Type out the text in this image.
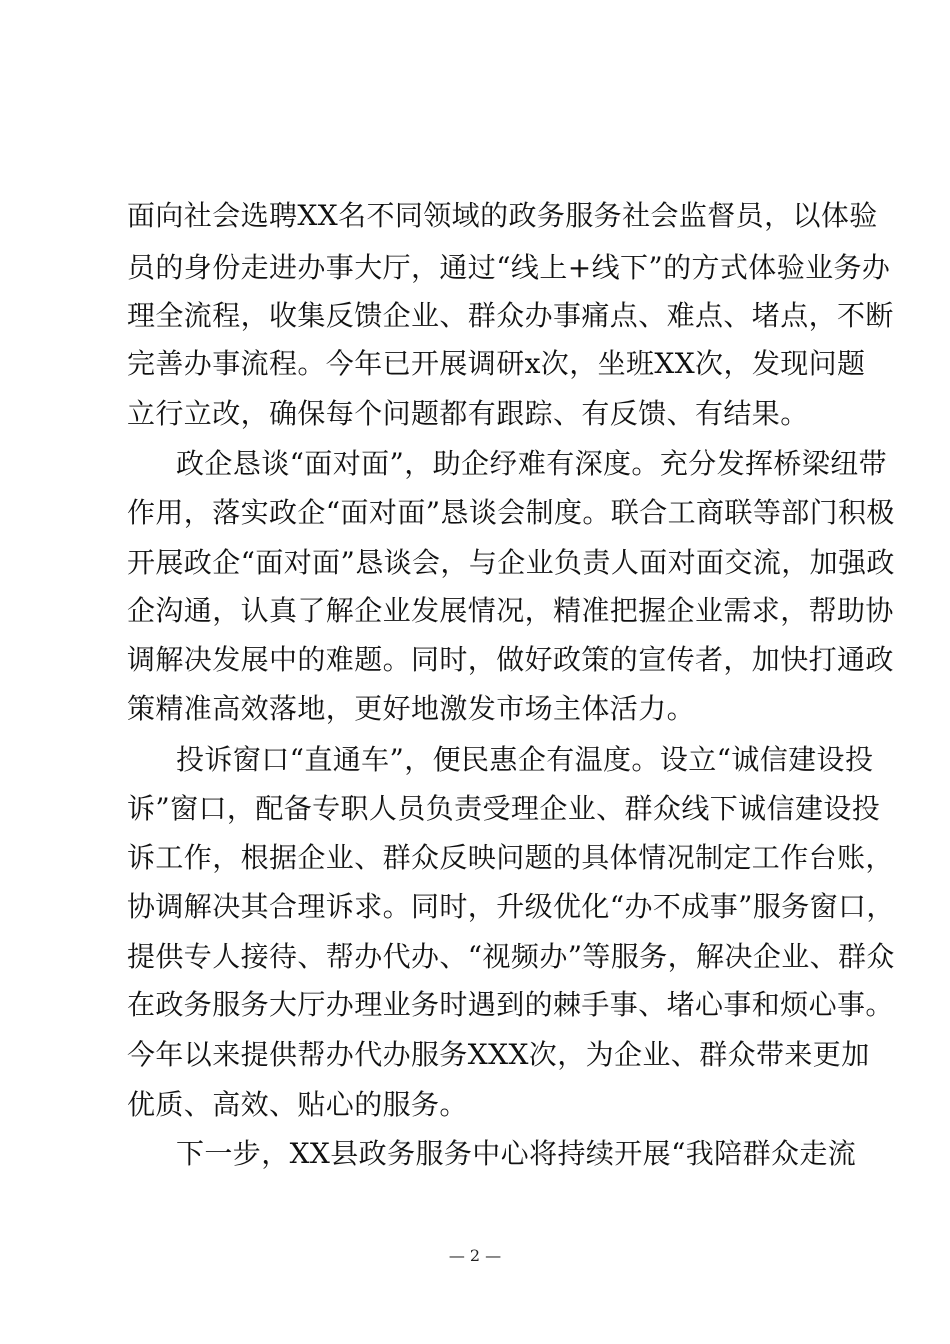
面向社会选聘XX名不同领域的政务服务社会监督员，以体验
员的身份走进办事大厅，通过“线上+线下”的方式体验业务办
理全流程，收集反馈企业、群众办事痛点、难点、堵点，不断
完善办事流程。今年已开展调研x次，坐班XX次，发现问题
立行立改，确保每个问题都有跟踪、有反馈、有结果。
政企恳谈“面对面”，助企纾难有深度。充分发挥桥梁纽带
作用，落实政企“面对面”恳谈会制度。联合工商联等部门积极
开展政企“面对面”恳谈会，与企业负责人面对面交流，加强政
企沟通，认真了解企业发展情况，精准把握企业需求，帮助协
调解决发展中的难题。同时，做好政策的宣传者，加快打通政
策精准高效落地，更好地激发市场主体活力。
投诉窗口“直通车”，便民惠企有温度。设立“诚信建设投
诉”窗口，配备专职人员负责受理企业、群众线下诚信建设投
诉工作，根据企业、群众反映问题的具体情况制定工作台账，
协调解决其合理诉求。同时，升级优化“办不成事”服务窗口，
提供专人接待、帮办代办、“视频办”等服务，解决企业、群众
在政务服务大厅办理业务时遇到的棘手事、堵心事和烦心事。
今年以来提供帮办代办服务XXX次，为企业、群众带来更加
优质、高效、贴心的服务。
下一步，XX县政务服务中心将持续开展“我陪群众走流
— 2 —
